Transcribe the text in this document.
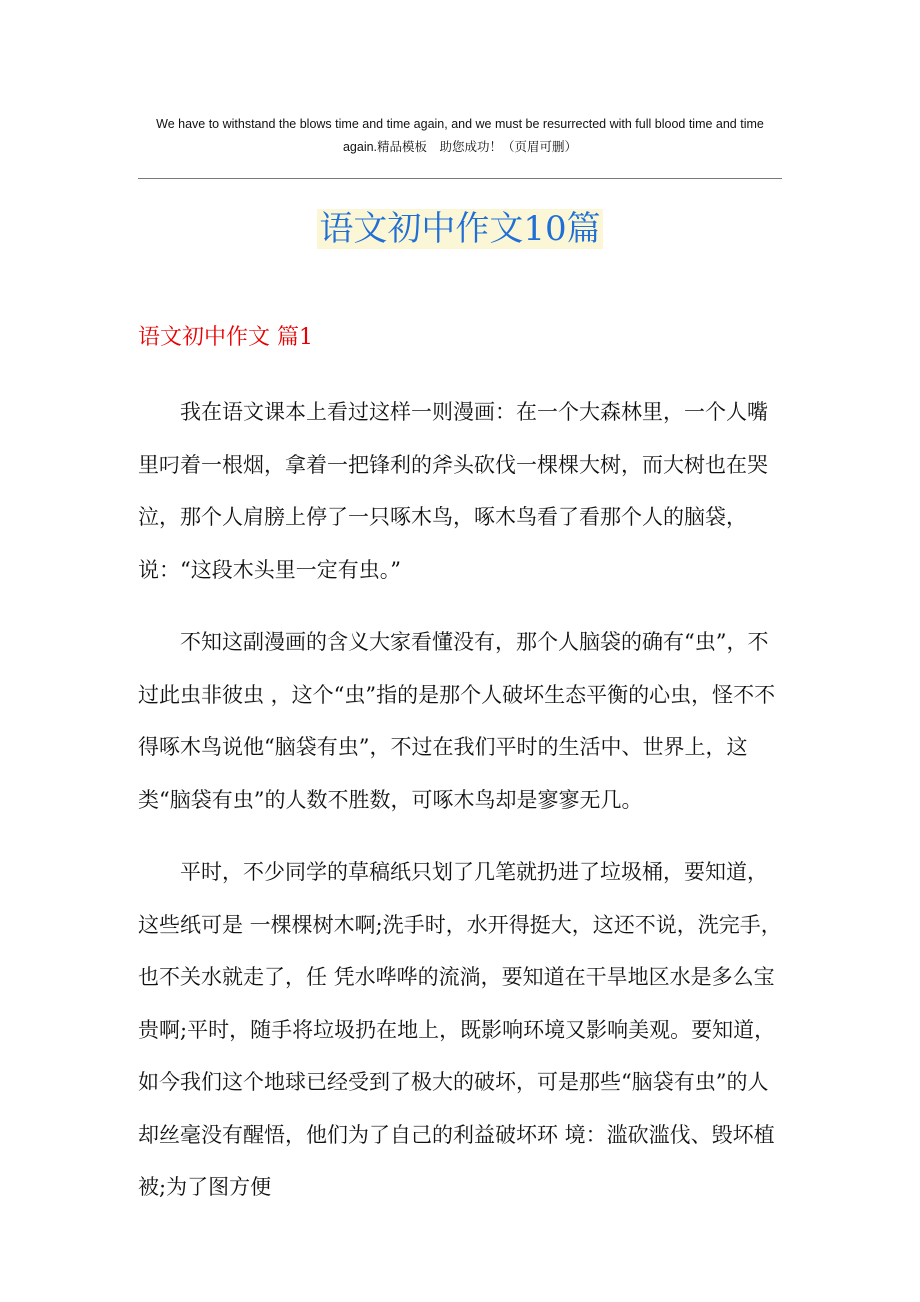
We have to withstand the blows time and time again, and we must be resurrected with full blood time and time again.精品模板　助您成功！（页眉可删）
语文初中作文10篇
语文初中作文 篇1

我在语文课本上看过这样一则漫画：在一个大森林里，一个人嘴里叼着一根烟，拿着一把锋利的斧头砍伐一棵棵大树，而大树也在哭泣，那个人肩膀上停了一只啄木鸟，啄木鸟看了看那个人的脑袋，说：“这段木头里一定有虫。”

不知这副漫画的含义大家看懂没有，那个人脑袋的确有“虫”，不过此虫非彼虫 ，这个“虫”指的是那个人破坏生态平衡的心虫，怪不不得啄木鸟说他“脑袋有虫”，不过在我们平时的生活中、世界上，这类“脑袋有虫”的人数不胜数，可啄木鸟却是寥寥无几。

平时，不少同学的草稿纸只划了几笔就扔进了垃圾桶，要知道，这些纸可是 一棵棵树木啊;洗手时，水开得挺大，这还不说，洗完手，也不关水就走了，任 凭水哗哗的流淌，要知道在干旱地区水是多么宝贵啊;平时，随手将垃圾扔在地上，既影响环境又影响美观。要知道，如今我们这个地球已经受到了极大的破坏，可是那些“脑袋有虫”的人却丝毫没有醒悟，他们为了自己的利益破坏环 境：滥砍滥伐、毁坏植被;为了图方便
